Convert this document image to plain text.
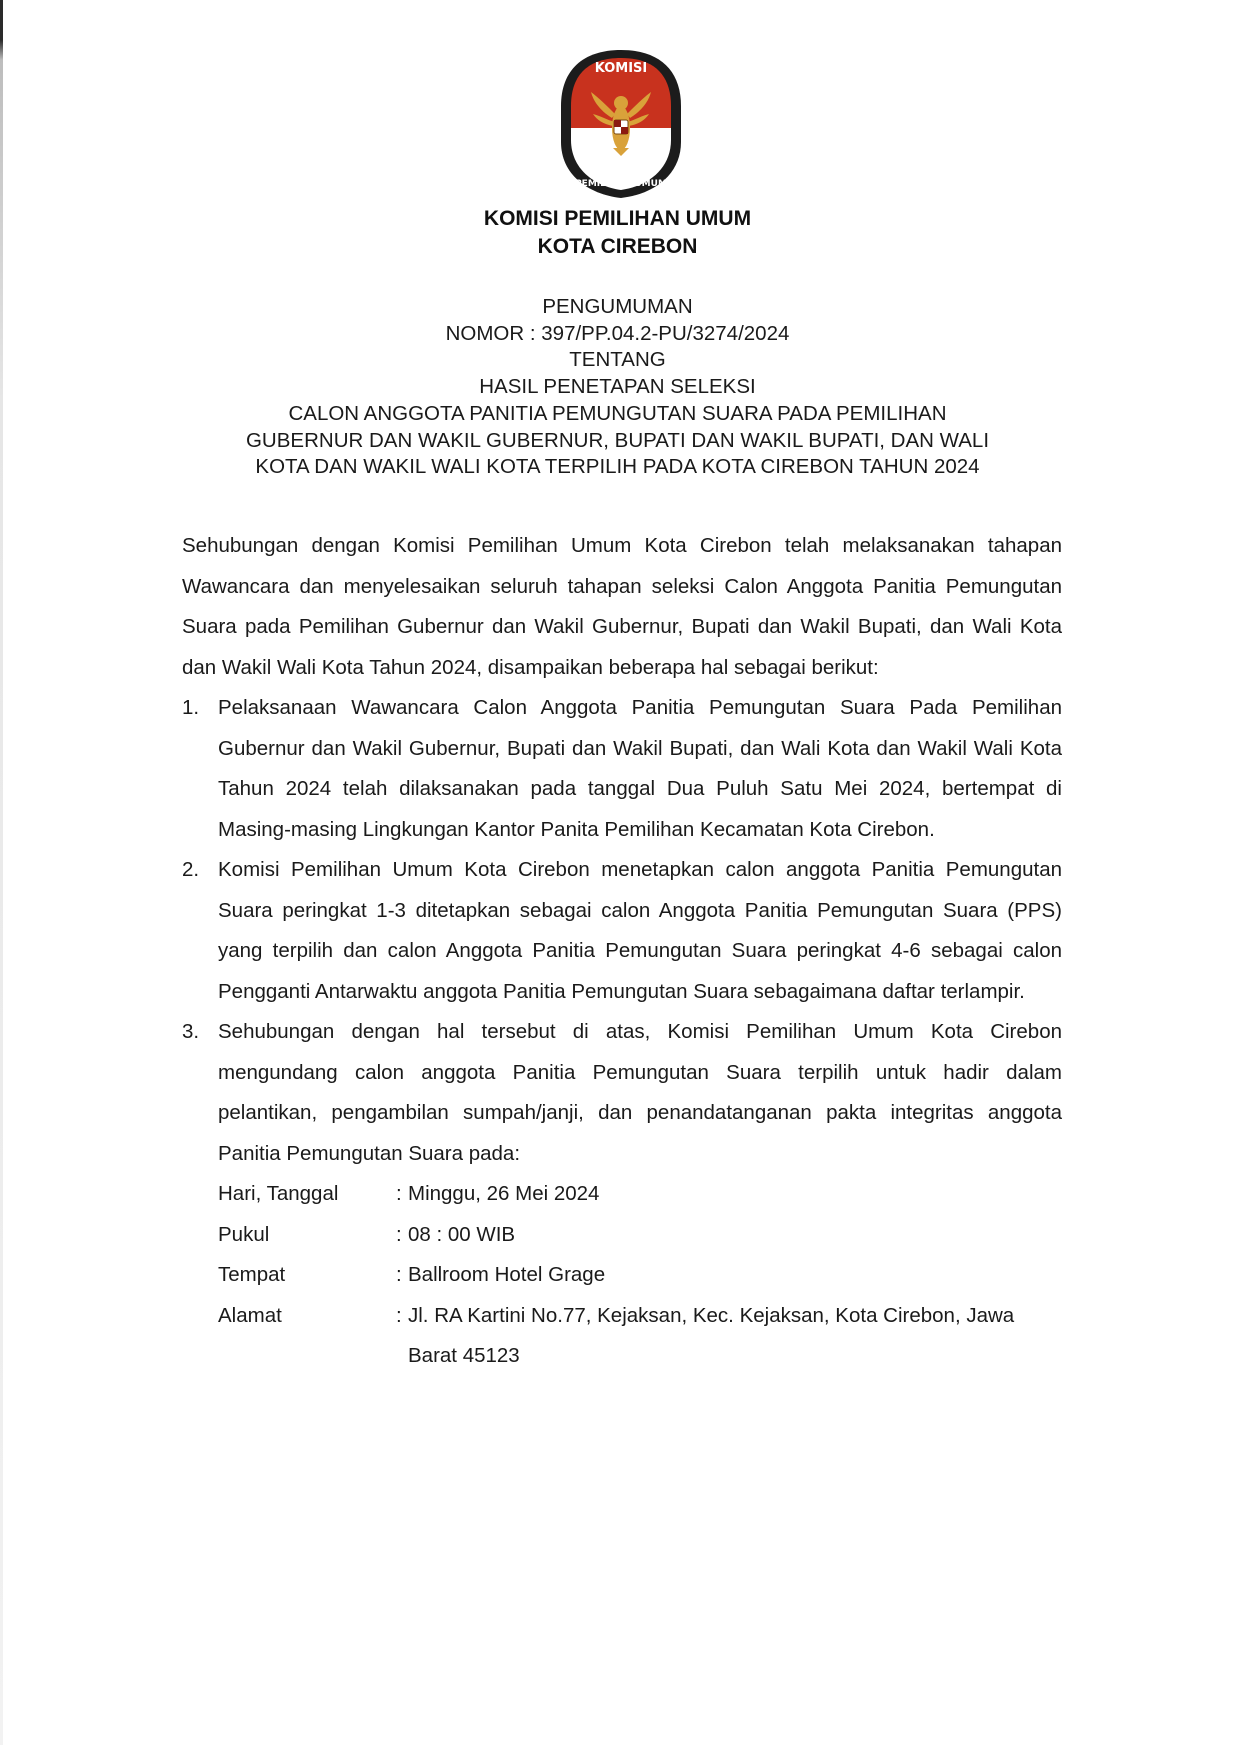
KOMISI
PEMILIHAN UMUM
KOMISI PEMILIHAN UMUM
KOTA CIREBON
PENGUMUMAN
NOMOR : 397/PP.04.2-PU/3274/2024
TENTANG
HASIL PENETAPAN SELEKSI
CALON ANGGOTA PANITIA PEMUNGUTAN SUARA PADA PEMILIHAN
GUBERNUR DAN WAKIL GUBERNUR, BUPATI DAN WAKIL BUPATI, DAN WALI
KOTA DAN WAKIL WALI KOTA TERPILIH PADA KOTA CIREBON TAHUN 2024

Sehubungan dengan Komisi Pemilihan Umum Kota Cirebon telah melaksanakan tahapan Wawancara dan menyelesaikan seluruh tahapan seleksi Calon Anggota Panitia Pemungutan Suara pada Pemilihan Gubernur dan Wakil Gubernur, Bupati dan Wakil Bupati, dan Wali Kota dan Wakil Wali Kota Tahun 2024, disampaikan beberapa hal sebagai berikut:

1. Pelaksanaan Wawancara Calon Anggota Panitia Pemungutan Suara Pada Pemilihan Gubernur dan Wakil Gubernur, Bupati dan Wakil Bupati, dan Wali Kota dan Wakil Wali Kota Tahun 2024 telah dilaksanakan pada tanggal Dua Puluh Satu Mei 2024, bertempat di Masing-masing Lingkungan Kantor Panita Pemilihan Kecamatan Kota Cirebon.
2. Komisi Pemilihan Umum Kota Cirebon menetapkan calon anggota Panitia Pemungutan Suara peringkat 1-3 ditetapkan sebagai calon Anggota Panitia Pemungutan Suara (PPS) yang terpilih dan calon Anggota Panitia Pemungutan Suara peringkat 4-6 sebagai calon Pengganti Antarwaktu anggota Panitia Pemungutan Suara sebagaimana daftar terlampir.
3. Sehubungan dengan hal tersebut di atas, Komisi Pemilihan Umum Kota Cirebon mengundang calon anggota Panitia Pemungutan Suara terpilih untuk hadir dalam pelantikan, pengambilan sumpah/janji, dan penandatanganan pakta integritas anggota Panitia Pemungutan Suara pada:
Hari, Tanggal	: Minggu, 26 Mei 2024
Pukul	: 08 : 00 WIB
Tempat	: Ballroom Hotel Grage
Alamat	: Jl. RA Kartini No.77, Kejaksan, Kec. Kejaksan, Kota Cirebon, Jawa Barat 45123
